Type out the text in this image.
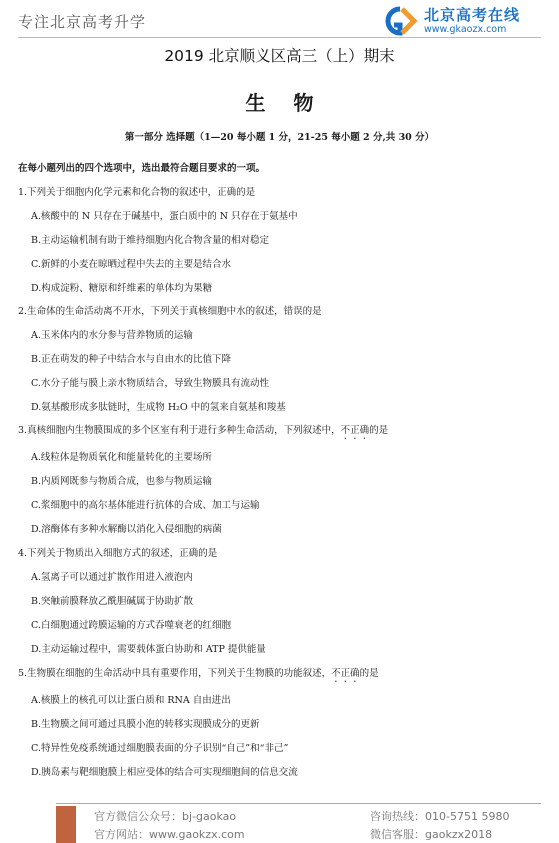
专注北京高考升学	北京高考在线
www.gkaozx.com
2019 北京顺义区高三（上）期末
生物
第一部分 选择题（1—20 每小题 1 分，21-25 每小题 2 分,共 30 分）
在每小题列出的四个选项中，选出最符合题目要求的一项。
1.下列关于细胞内化学元素和化合物的叙述中，正确的是
A.核酸中的 N 只存在于碱基中，蛋白质中的 N 只存在于氨基中
B.主动运输机制有助于维持细胞内化合物含量的相对稳定
C.新鲜的小麦在晾晒过程中失去的主要是结合水
D.构成淀粉、糖原和纤维素的单体均为果糖
2.生命体的生命活动离不开水，下列关于真核细胞中水的叙述，错误的是
A.玉米体内的水分参与营养物质的运输
B.正在萌发的种子中结合水与自由水的比值下降
C.水分子能与膜上亲水物质结合，导致生物膜具有流动性
D.氨基酸形成多肽链时，生成物 H₂O 中的氢来自氨基和羧基
3.真核细胞内生物膜围成的多个区室有利于进行多种生命活动，下列叙述中，不正确的是
A.线粒体是物质氧化和能量转化的主要场所
B.内质网既参与物质合成，也参与物质运输
C.浆细胞中的高尔基体能进行抗体的合成、加工与运输
D.溶酶体有多种水解酶以消化入侵细胞的病菌
4.下列关于物质出入细胞方式的叙述，正确的是
A.氢离子可以通过扩散作用进入液泡内
B.突触前膜释放乙酰胆碱属于协助扩散
C.白细胞通过跨膜运输的方式吞噬衰老的红细胞
D.主动运输过程中，需要载体蛋白协助和 ATP 提供能量
5.生物膜在细胞的生命活动中具有重要作用，下列关于生物膜的功能叙述，不正确的是
A.核膜上的核孔可以让蛋白质和 RNA 自由进出
B.生物膜之间可通过具膜小泡的转移实现膜成分的更新
C.特异性免疫系统通过细胞膜表面的分子识别“自己”和“非己”
D.胰岛素与靶细胞膜上相应受体的结合可实现细胞间的信息交流
官方微信公众号：bj-gaokao
官方网站：www.gaokzx.com
咨询热线：010-5751 5980
微信客服：gaokzx2018
